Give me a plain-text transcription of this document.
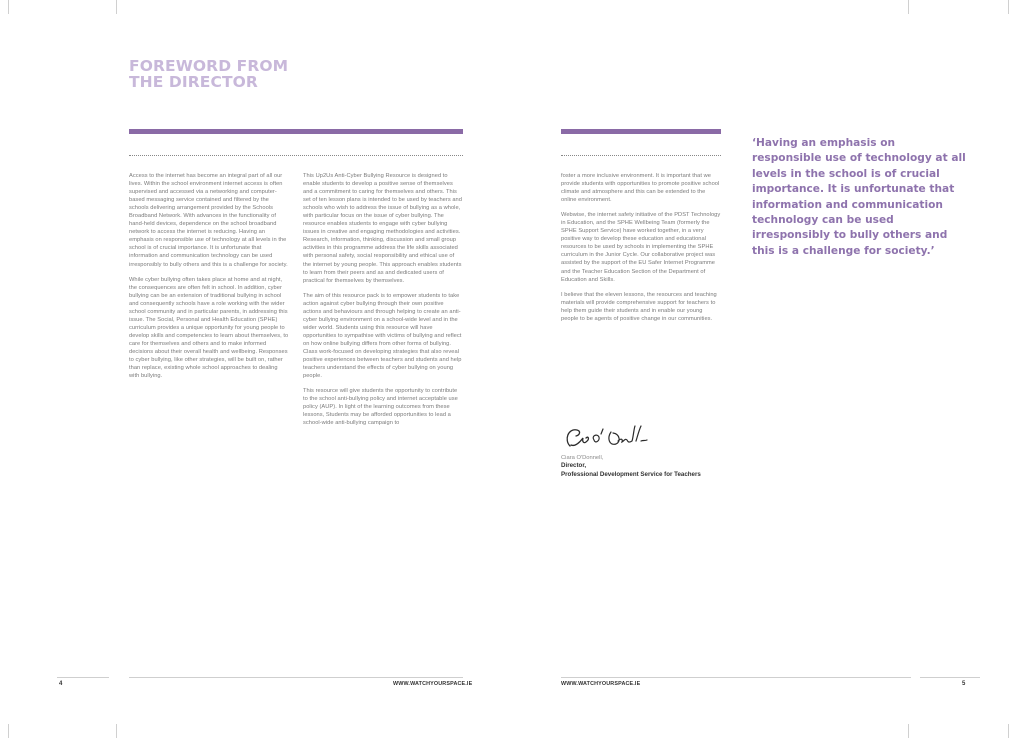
FOREWORD FROM
THE DIRECTOR

Access to the internet has become an integral part of all our lives. Within the school environment internet access is often supervised and accessed via a networking and computer-based messaging service contained and filtered by the schools delivering arrangement provided by the Schools Broadband Network. With advances in the functionality of hand-held devices, dependence on the school broadband network to access the internet is reducing. Having an emphasis on responsible use of technology at all levels in the school is of crucial importance. It is unfortunate that information and communication technology can be used irresponsibly to bully others and this is a challenge for society.

While cyber bullying often takes place at home and at night, the consequences are often felt in school. In addition, cyber bullying can be an extension of traditional bullying in school and consequently schools have a role working with the wider school community and in particular parents, in addressing this issue. The Social, Personal and Health Education (SPHE) curriculum provides a unique opportunity for young people to develop skills and competencies to learn about themselves, to care for themselves and others and to make informed decisions about their overall health and wellbeing. Responses to cyber bullying, like other strategies, will be built on, rather than replace, existing whole school approaches to dealing with bullying.

This Up2Us Anti-Cyber Bullying Resource is designed to enable students to develop a positive sense of themselves and a commitment to caring for themselves and others. This set of ten lesson plans is intended to be used by teachers and schools who wish to address the issue of bullying as a whole, with particular focus on the issue of cyber bullying. The resource enables students to engage with cyber bullying issues in creative and engaging methodologies and activities. Research, information, thinking, discussion and small group activities in this programme address the life skills associated with personal safety, social responsibility and ethical use of the internet by young people. This approach enables students to learn from their peers and as and dedicated users of practical for themselves by themselves.

The aim of this resource pack is to empower students to take action against cyber bullying through their own positive actions and behaviours and through helping to create an anti-cyber bullying environment on a school-wide level and in the wider world. Students using this resource will have opportunities to sympathise with victims of bullying and reflect on how online bullying differs from other forms of bullying. Class work-focused on developing strategies that also reveal positive experiences between teachers and students and help teachers understand the effects of cyber bullying on young people.

This resource will give students the opportunity to contribute to the school anti-bullying policy and internet acceptable use policy (AUP). In light of the learning outcomes from these lessons, Students may be afforded opportunities to lead a school-wide anti-bullying campaign to

4	WWW.WATCHYOURSPACE.IE

foster a more inclusive environment. It is important that we provide students with opportunities to promote positive school climate and atmosphere and this can be extended to the online environment.

Webwise, the internet safety initiative of the PDST Technology in Education, and the SPHE Wellbeing Team (formerly the SPHE Support Service) have worked together, in a very positive way to develop these education and educational resources to be used by schools in implementing the SPHE curriculum in the Junior Cycle. Our collaborative project was assisted by the support of the EU Safer Internet Programme and the Teacher Education Section of the Department of Education and Skills.

I believe that the eleven lessons, the resources and teaching materials will provide comprehensive support for teachers to help them guide their students and in enable our young people to be agents of positive change in our communities.

WWW.WATCHYOURSPACE.IE	5

‘Having an emphasis on responsible use of technology at all levels in the school is of crucial importance. It is unfortunate that information and communication technology can be used irresponsibly to bully others and this is a challenge for society.’

Ciara O'Donnell,
Director,
Professional Development Service for Teachers
